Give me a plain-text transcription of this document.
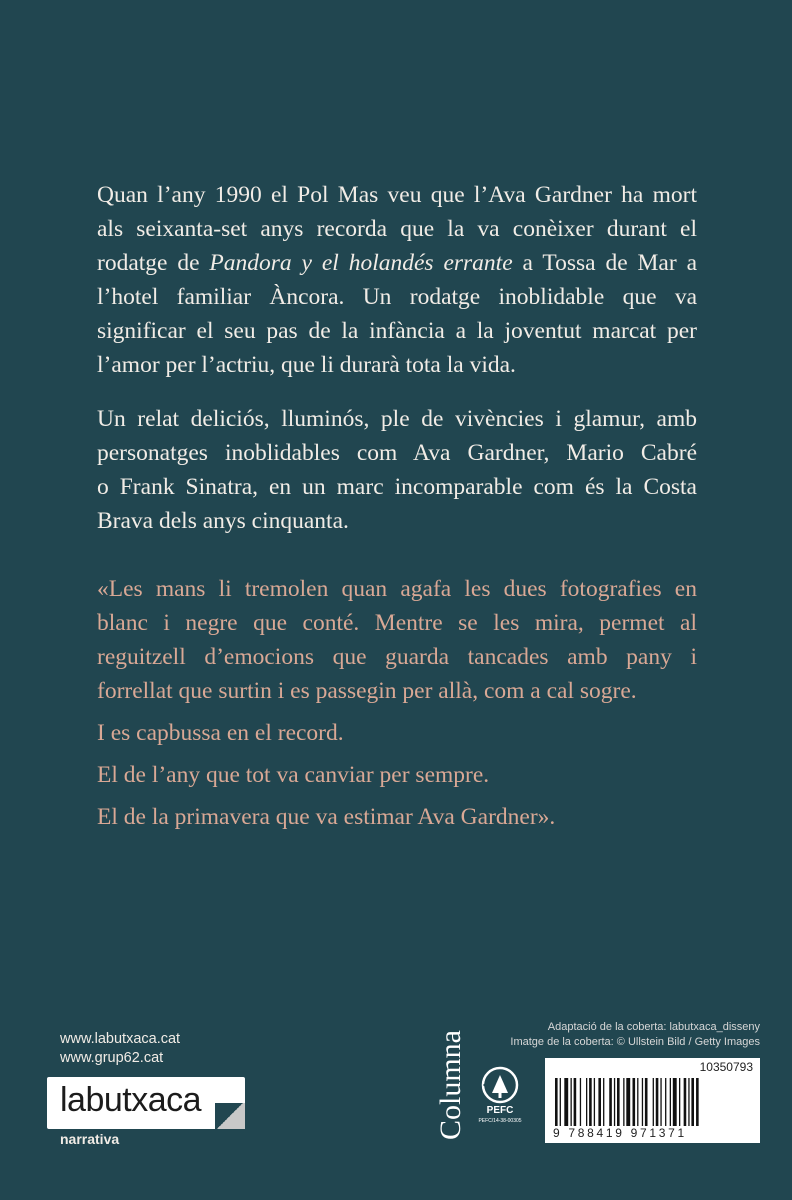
Quan l’any 1990 el Pol Mas veu que l’Ava Gardner ha mort
als seixanta-set anys recorda que la va conèixer durant el
rodatge de Pandora y el holandés errante a Tossa de Mar a
l’hotel familiar Àncora. Un rodatge inoblidable que va
significar el seu pas de la infància a la joventut marcat per
l’amor per l’actriu, que li durarà tota la vida.

Un relat deliciós, lluminós, ple de vivències i glamur, amb
personatges inoblidables com Ava Gardner, Mario Cabré
o Frank Sinatra, en un marc incomparable com és la Costa
Brava dels anys cinquanta.

«Les mans li tremolen quan agafa les dues fotografies en
blanc i negre que conté. Mentre se les mira, permet al
reguitzell d’emocions que guarda tancades amb pany i
forrellat que surtin i es passegin per allà, com a cal sogre.

I es capbussa en el record.

El de l’any que tot va canviar per sempre.

El de la primavera que va estimar Ava Gardner».

www.labutxaca.cat
www.grup62.cat
labutxaca
narrativa	Columna	PEFC
PEFC/14-38-00305
Adaptació de la coberta: labutxaca_disseny
Imatge de la coberta: © Ullstein Bild / Getty Images
10350793
9 788419 971371
